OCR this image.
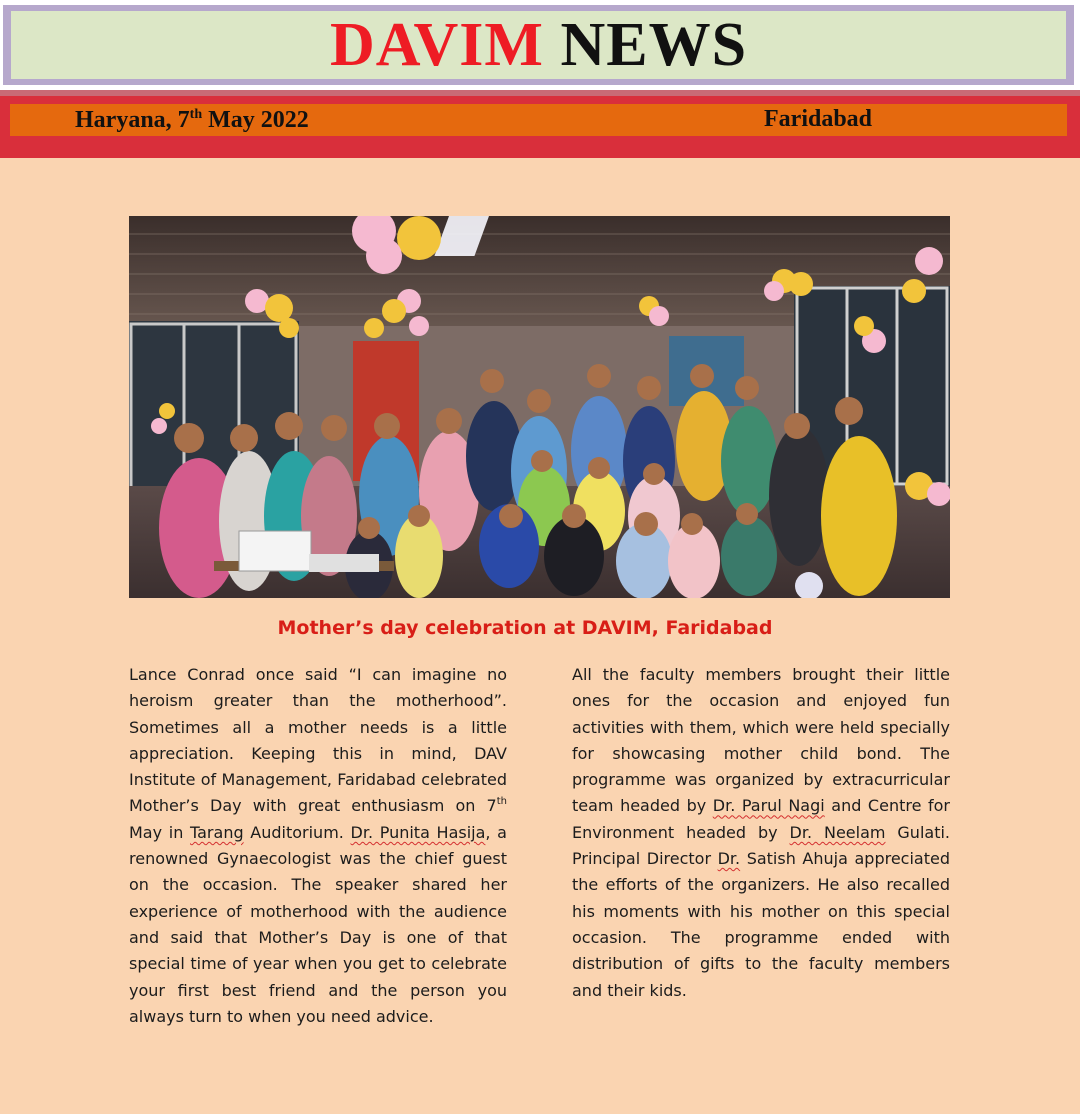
DAVIM NEWS
Haryana, 7th May 2022	Faridabad
Mother’s day celebration at DAVIM, Faridabad
Lance Conrad once said “I can imagine no heroism greater than the motherhood”. Sometimes all a mother needs is a little appreciation. Keeping this in mind, DAV Institute of Management, Faridabad celebrated Mother’s Day with great enthusiasm on 7th May in Tarang Auditorium. Dr. Punita Hasija, a renowned Gynaecologist was the chief guest on the occasion. The speaker shared her experience of motherhood with the audience and said that Mother’s Day is one of that special time of year when you get to celebrate your first best friend and the person you always turn to when you need advice.
All the faculty members brought their little ones for the occasion and enjoyed fun activities with them, which were held specially for showcasing mother child bond. The programme was organized by extracurricular team headed by Dr. Parul Nagi and Centre for Environment headed by Dr. Neelam Gulati. Principal Director Dr. Satish Ahuja appreciated the efforts of the organizers. He also recalled his moments with his mother on this special occasion. The programme ended with distribution of gifts to the faculty members and their kids.
